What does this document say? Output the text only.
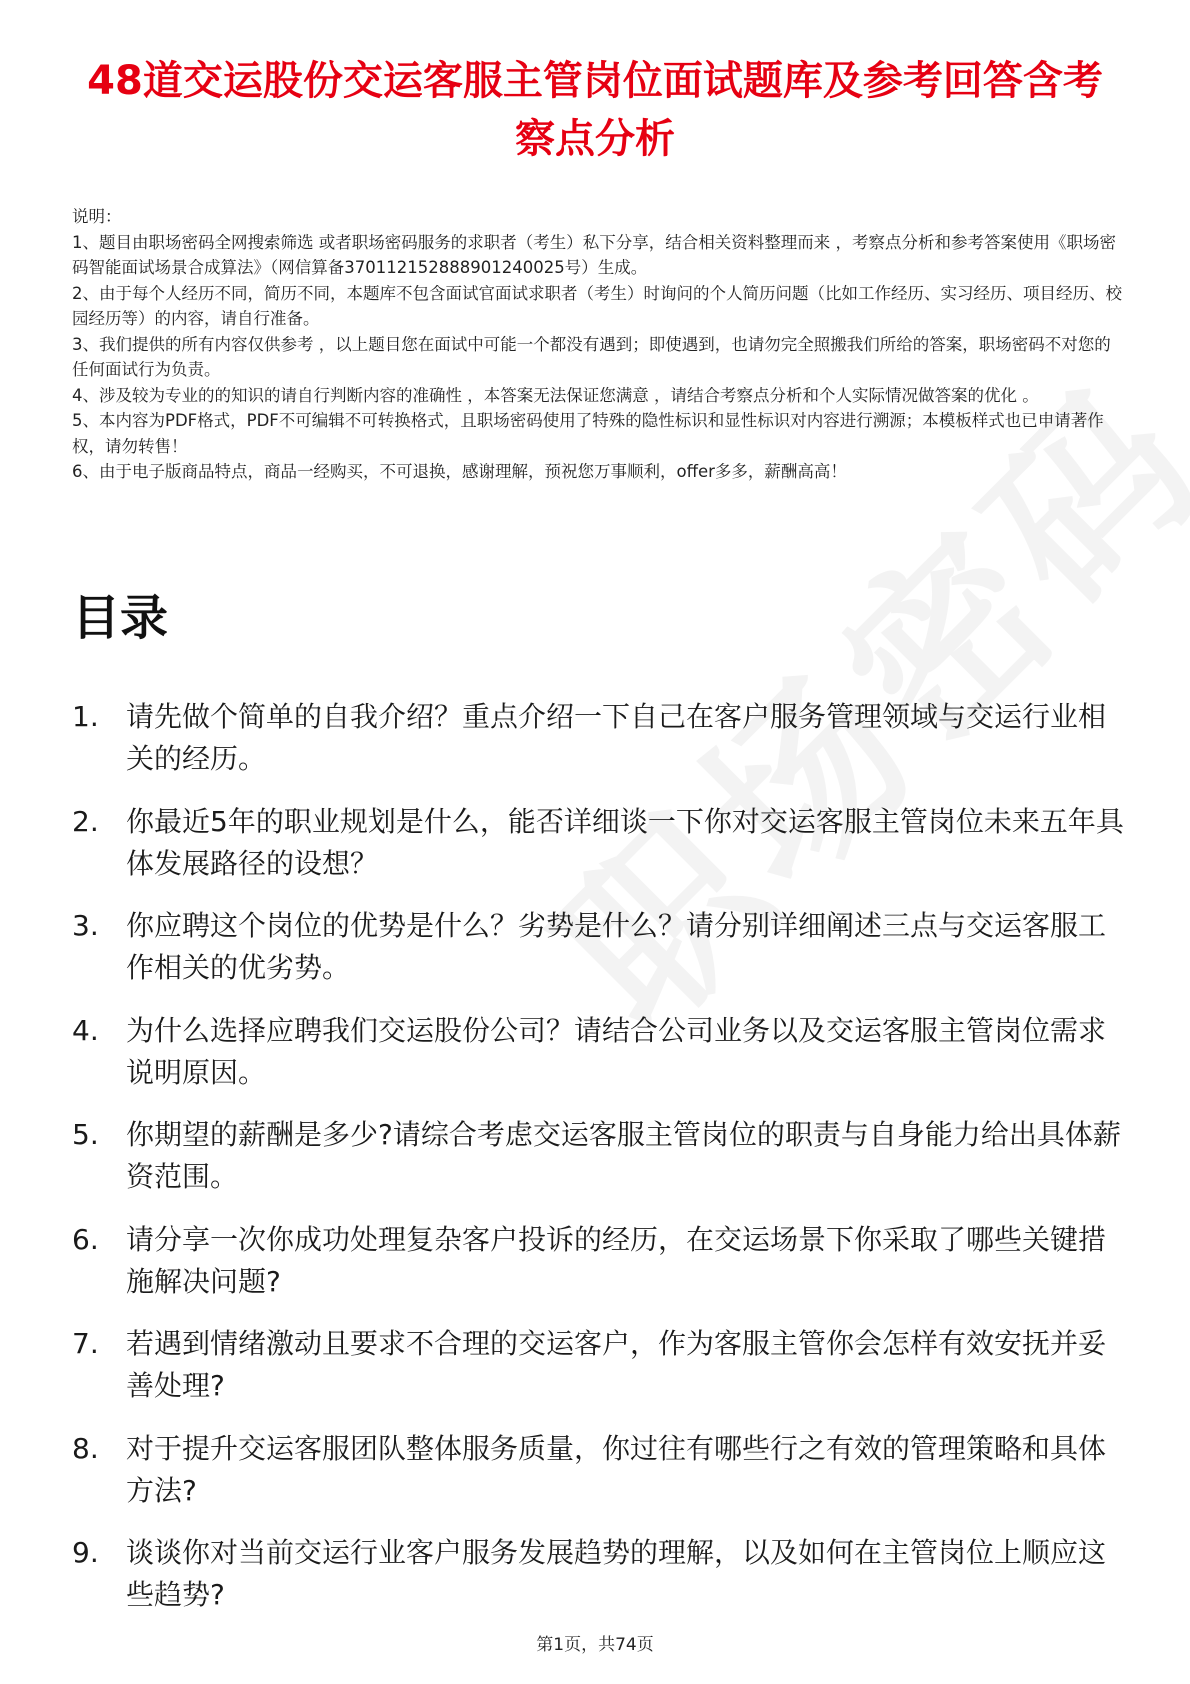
48道交运股份交运客服主管岗位面试题库及参考回答含考察点分析
说明：
1、题目由职场密码全网搜索筛选 或者职场密码服务的求职者（考生）私下分享，结合相关资料整理而来 ，考察点分析和参考答案使用《职场密码智能面试场景合成算法》（网信算备370112152888901240025号）生成。
2、由于每个人经历不同，简历不同，本题库不包含面试官面试求职者（考生）时询问的个人简历问题（比如工作经历、实习经历、项目经历、校园经历等）的内容，请自行准备。
3、我们提供的所有内容仅供参考 ，以上题目您在面试中可能一个都没有遇到；即使遇到，也请勿完全照搬我们所给的答案，职场密码不对您的任何面试行为负责。
4、涉及较为专业的的知识的请自行判断内容的准确性 ，本答案无法保证您满意 ，请结合考察点分析和个人实际情况做答案的优化 。
5、本内容为PDF格式，PDF不可编辑不可转换格式，且职场密码使用了特殊的隐性标识和显性标识对内容进行溯源；本模板样式也已申请著作权，请勿转售！
6、由于电子版商品特点，商品一经购买，不可退换，感谢理解，预祝您万事顺利，offer多多，薪酬高高！
目录
1. 请先做个简单的自我介绍？重点介绍一下自己在客户服务管理领域与交运行业相关的经历。
2. 你最近5年的职业规划是什么，能否详细谈一下你对交运客服主管岗位未来五年具体发展路径的设想？
3. 你应聘这个岗位的优势是什么？劣势是什么？请分别详细阐述三点与交运客服工作相关的优劣势。
4. 为什么选择应聘我们交运股份公司？请结合公司业务以及交运客服主管岗位需求说明原因。
5. 你期望的薪酬是多少?请综合考虑交运客服主管岗位的职责与自身能力给出具体薪资范围。
6. 请分享一次你成功处理复杂客户投诉的经历，在交运场景下你采取了哪些关键措施解决问题?
7. 若遇到情绪激动且要求不合理的交运客户，作为客服主管你会怎样有效安抚并妥善处理?
8. 对于提升交运客服团队整体服务质量，你过往有哪些行之有效的管理策略和具体方法?
9. 谈谈你对当前交运行业客户服务发展趋势的理解，以及如何在主管岗位上顺应这些趋势?
第1页，共74页
